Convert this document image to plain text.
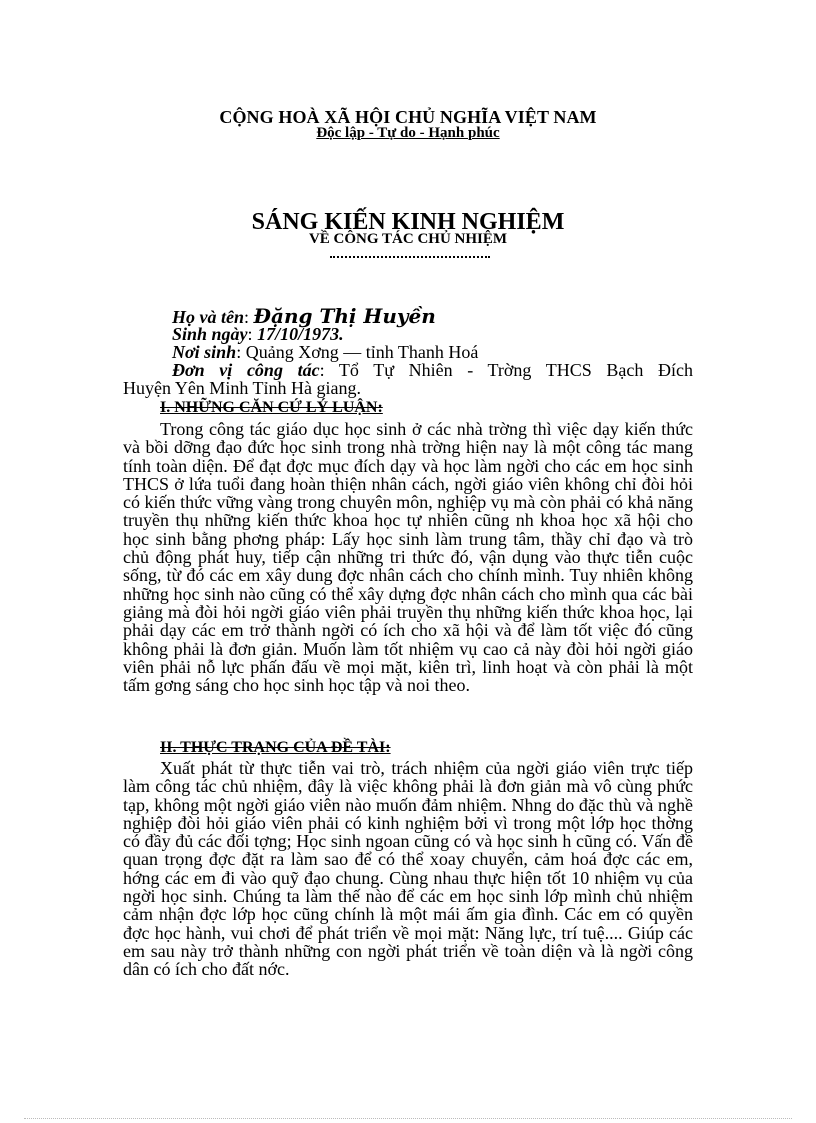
CỘNG HOÀ XÃ HỘI CHỦ NGHĨA VIỆT NAM
Độc lập - Tự do - Hạnh phúc
SÁNG KIẾN KINH NGHIỆM
VỀ CÔNG TÁC CHỦ NHIỆM
Họ và tên: Đặng Thị Huyền
Sinh ngày: 17/10/1973.
Nơi sinh: Quảng Xơng — tỉnh Thanh Hoá
Đơn vị công tác: Tổ Tự Nhiên - Trờng THCS Bạch Đích
Huyện Yên Minh Tỉnh Hà giang.
I. NHỮNG CĂN CỨ LÝ LUẬN:
Trong công tác giáo dục học sinh ở các nhà trờng thì việc dạy kiến thức và bồi dỡng đạo đức học sinh trong nhà trờng hiện nay là một công tác mang tính toàn diện. Để đạt đợc mục đích dạy và học làm ngời cho các em học sinh THCS ở lứa tuổi đang hoàn thiện nhân cách, ngời giáo viên không chỉ đòi hỏi có kiến thức vững vàng trong chuyên môn, nghiệp vụ mà còn phải có khả năng truyền thụ những kiến thức khoa học tự nhiên cũng nh khoa học xã hội cho học sinh bằng phơng pháp: Lấy học sinh làm trung tâm, thầy chỉ đạo và trò chủ động phát huy, tiếp cận những tri thức đó, vận dụng vào thực tiễn cuộc sống, từ đó các em xây dung đợc nhân cách cho chính mình. Tuy nhiên không những học sinh nào cũng có thể xây dựng đợc nhân cách cho mình qua các bài giảng mà đòi hỏi ngời giáo viên phải truyền thụ những kiến thức khoa học, lại phải dạy các em trở thành ngời có ích cho xã hội và để làm tốt việc đó cũng không phải là đơn giản. Muốn làm tốt nhiệm vụ cao cả này đòi hỏi ngời giáo viên phải nỗ lực phấn đấu về mọi mặt, kiên trì, linh hoạt và còn phải là một tấm gơng sáng cho học sinh học tập và noi theo.
II. THỰC TRẠNG CỦA ĐỀ TÀI:
Xuất phát từ thực tiễn vai trò, trách nhiệm của ngời giáo viên trực tiếp làm công tác chủ nhiệm, đây là việc không phải là đơn giản mà vô cùng phức tạp, không một ngời giáo viên nào muốn đảm nhiệm. Nhng do đặc thù và nghề nghiệp đòi hỏi giáo viên phải có kinh nghiệm bởi vì trong một lớp học thờng có đầy đủ các đối tợng; Học sinh ngoan cũng có và học sinh h cũng có. Vấn đề quan trọng đợc đặt ra làm sao để có thể xoay chuyển, cảm hoá đợc các em, hớng các em đi vào quỹ đạo chung. Cùng nhau thực hiện tốt 10 nhiệm vụ của ngời học sinh. Chúng ta làm thế nào để các em học sinh lớp mình chủ nhiệm cảm nhận đợc lớp học cũng chính là một mái ấm gia đình. Các em có quyền đợc học hành, vui chơi để phát triển về mọi mặt: Năng lực, trí tuệ.... Giúp các em sau này trở thành những con ngời phát triển về toàn diện và là ngời công dân có ích cho đất nớc.
